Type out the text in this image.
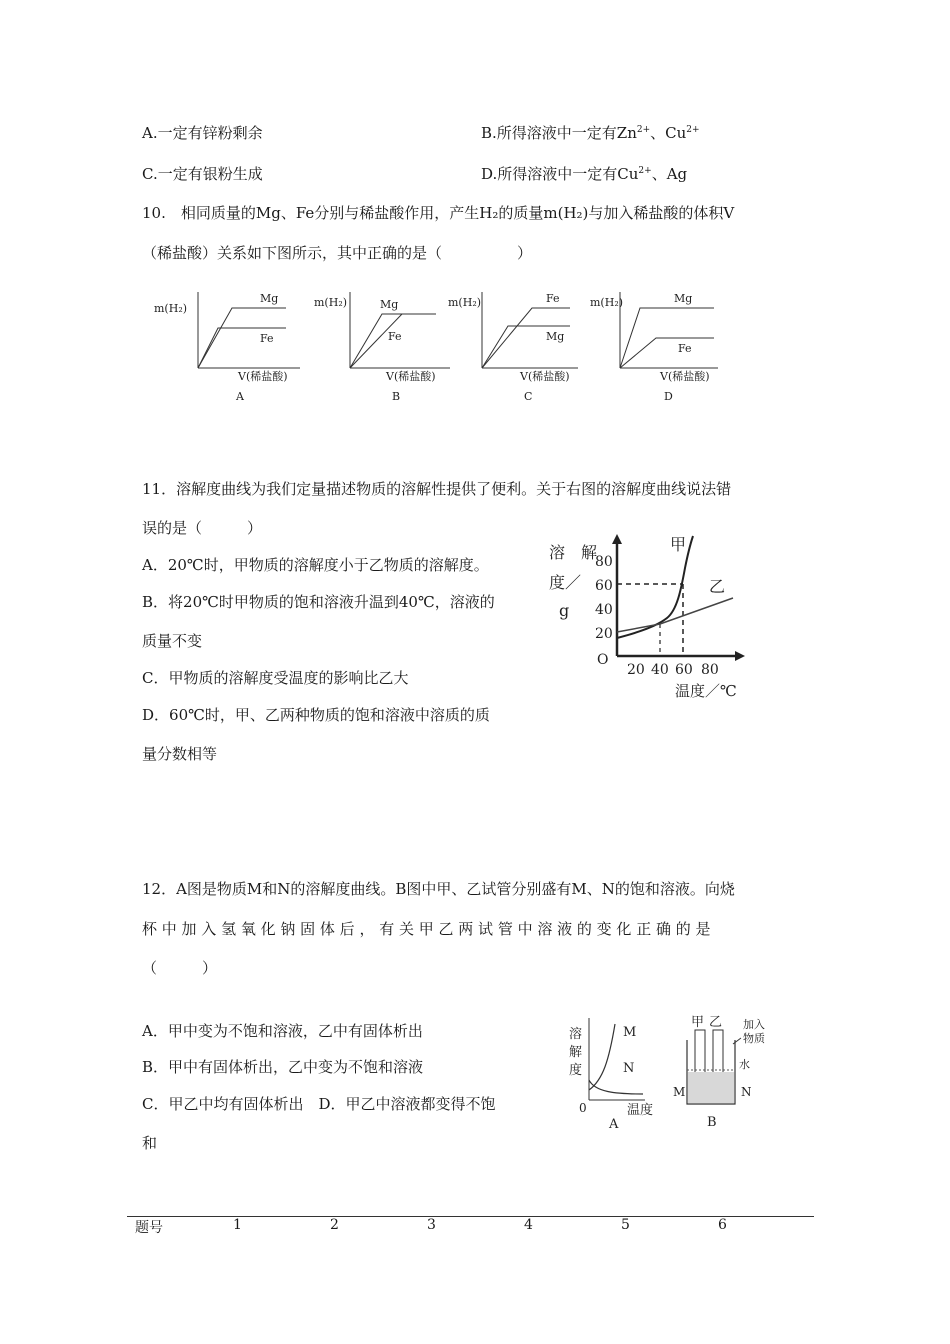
A.一定有锌粉剩余	B.所得溶液中一定有$Zn^{2+}$、$Cu^{2+}$
C.一定有银粉生成	D.所得溶液中一定有$Cu^{2+}$、Ag
10.　相同质量的Mg、Fe分别与稀盐酸作用，产生H₂的质量m(H₂)与加入稀盐酸的体积V
（稀盐酸）关系如下图所示，其中正确的是（　　　　　）
m(H₂)
Mg
Fe
V(稀盐酸)
A
m(H₂)	Mg
Fe
V(稀盐酸)
B
m(H₂)	Fe
Mg
V(稀盐酸)
C
m(H₂)	Mg
Fe
V(稀盐酸)
D
11．溶解度曲线为我们定量描述物质的溶解性提供了便利。关于右图的溶解度曲线说法错
误的是（　　　）
A．20℃时，甲物质的溶解度小于乙物质的溶解度。
B．将20℃时甲物质的饱和溶液升温到40℃，溶液的
质量不变
C．甲物质的溶解度受温度的影响比乙大
D．60℃时，甲、乙两种物质的饱和溶液中溶质的质
量分数相等
溶　解
度／
g
80
60
40
20
O
20 40 60 80
温度／℃
甲
乙
12．A图是物质M和N的溶解度曲线。B图中甲、乙试管分别盛有M、N的饱和溶液。向烧
杯 中 加 入 氢 氧 化 钠 固 体 后 ， 有 关 甲 乙 两 试 管 中 溶 液 的 变 化 正 确 的 是
（　　　）
A．甲中变为不饱和溶液，乙中有固体析出
B．甲中有固体析出，乙中变为不饱和溶液
C．甲乙中均有固体析出　D．甲乙中溶液都变得不饱
和
溶
解
度
M
N
0	温度
A
甲 乙 加入
物质
水
M	N
B
题号	1	2	3	4	5	6
